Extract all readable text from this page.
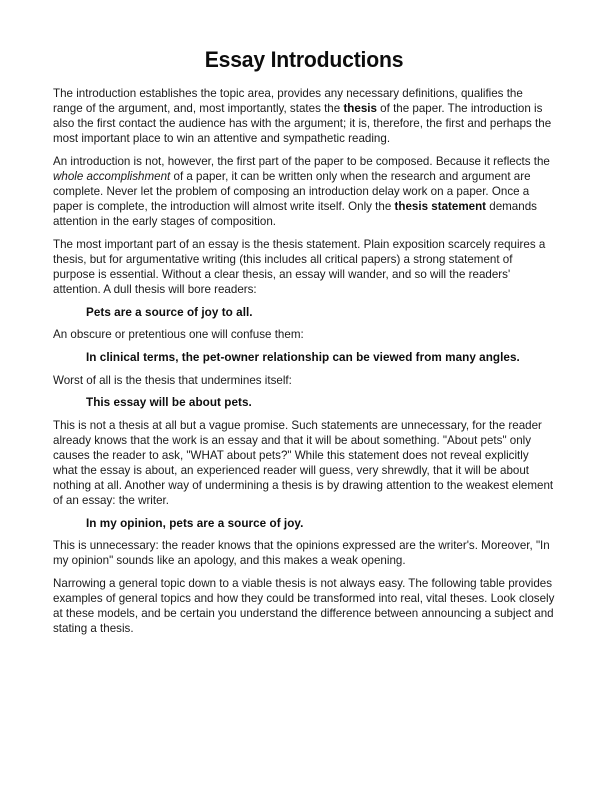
Essay Introductions

The introduction establishes the topic area, provides any necessary definitions, qualifies the range of the argument, and, most importantly, states the thesis of the paper. The introduction is also the first contact the audience has with the argument; it is, therefore, the first and perhaps the most important place to win an attentive and sympathetic reading.

An introduction is not, however, the first part of the paper to be composed. Because it reflects the whole accomplishment of a paper, it can be written only when the research and argument are complete. Never let the problem of composing an introduction delay work on a paper. Once a paper is complete, the introduction will almost write itself. Only the thesis statement demands attention in the early stages of composition.

The most important part of an essay is the thesis statement. Plain exposition scarcely requires a thesis, but for argumentative writing (this includes all critical papers) a strong statement of purpose is essential. Without a clear thesis, an essay will wander, and so will the readers' attention. A dull thesis will bore readers:

Pets are a source of joy to all.

An obscure or pretentious one will confuse them:

In clinical terms, the pet-owner relationship can be viewed from many angles.

Worst of all is the thesis that undermines itself:

This essay will be about pets.

This is not a thesis at all but a vague promise. Such statements are unnecessary, for the reader already knows that the work is an essay and that it will be about something. "About pets" only causes the reader to ask, "WHAT about pets?" While this statement does not reveal explicitly what the essay is about, an experienced reader will guess, very shrewdly, that it will be about nothing at all. Another way of undermining a thesis is by drawing attention to the weakest element of an essay: the writer.

In my opinion, pets are a source of joy.

This is unnecessary: the reader knows that the opinions expressed are the writer's. Moreover, "In my opinion" sounds like an apology, and this makes a weak opening.

Narrowing a general topic down to a viable thesis is not always easy. The following table provides examples of general topics and how they could be transformed into real, vital theses. Look closely at these models, and be certain you understand the difference between announcing a subject and stating a thesis.
